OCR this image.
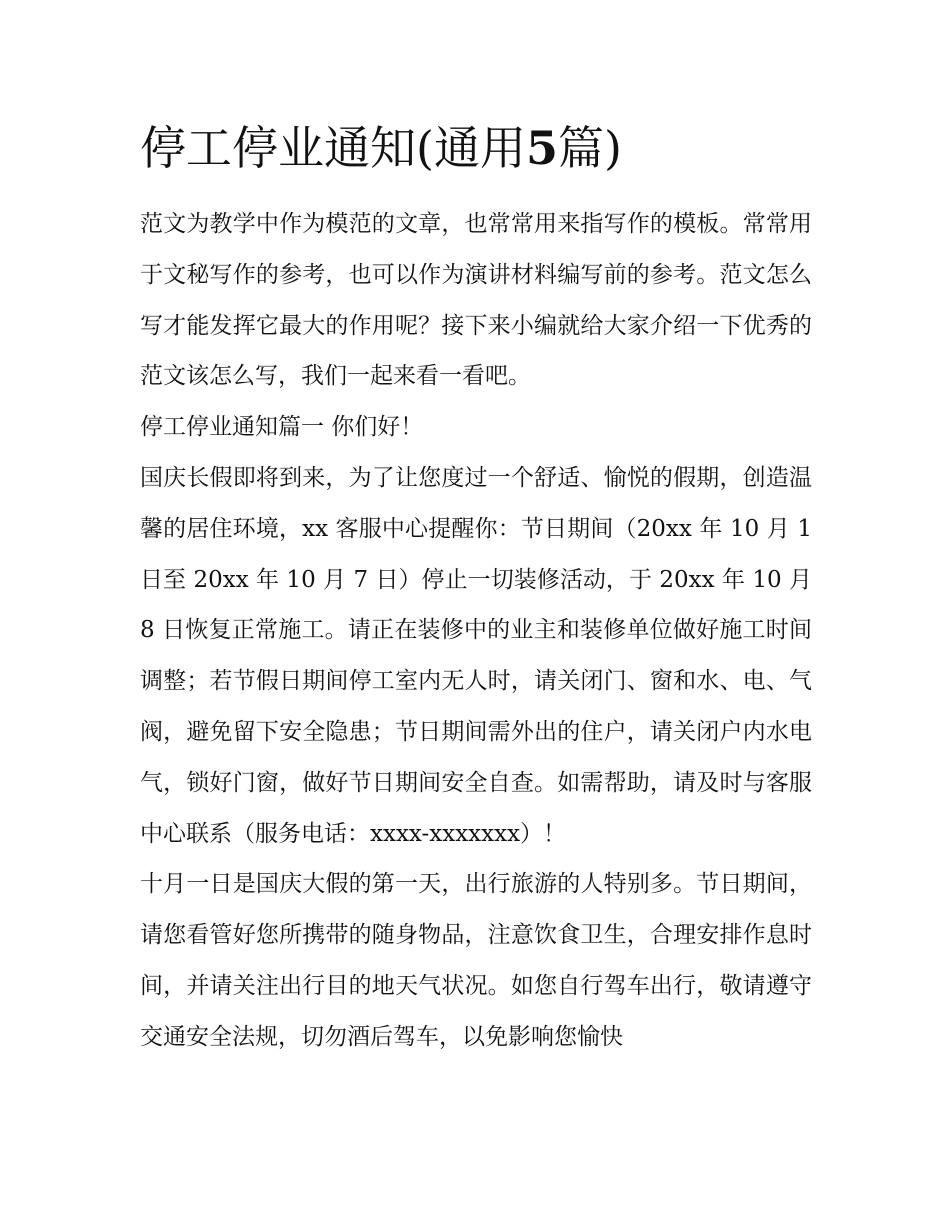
停工停业通知(通用5篇)

范文为教学中作为模范的文章，也常常用来指写作的模板。常常用于文秘写作的参考，也可以作为演讲材料编写前的参考。范文怎么写才能发挥它最大的作用呢？接下来小编就给大家介绍一下优秀的范文该怎么写，我们一起来看一看吧。

停工停业通知篇一 你们好！

国庆长假即将到来，为了让您度过一个舒适、愉悦的假期，创造温馨的居住环境，xx 客服中心提醒你：节日期间（20xx 年 10 月 1 日至 20xx 年 10 月 7 日）停止一切装修活动，于 20xx 年 10 月 8 日恢复正常施工。请正在装修中的业主和装修单位做好施工时间调整；若节假日期间停工室内无人时，请关闭门、窗和水、电、气阀，避免留下安全隐患；节日期间需外出的住户，请关闭户内水电气，锁好门窗，做好节日期间安全自查。如需帮助，请及时与客服中心联系（服务电话：xxxx-xxxxxxx）！

十月一日是国庆大假的第一天，出行旅游的人特别多。节日期间，请您看管好您所携带的随身物品，注意饮食卫生，合理安排作息时间，并请关注出行目的地天气状况。如您自行驾车出行，敬请遵守交通安全法规，切勿酒后驾车，以免影响您愉快
